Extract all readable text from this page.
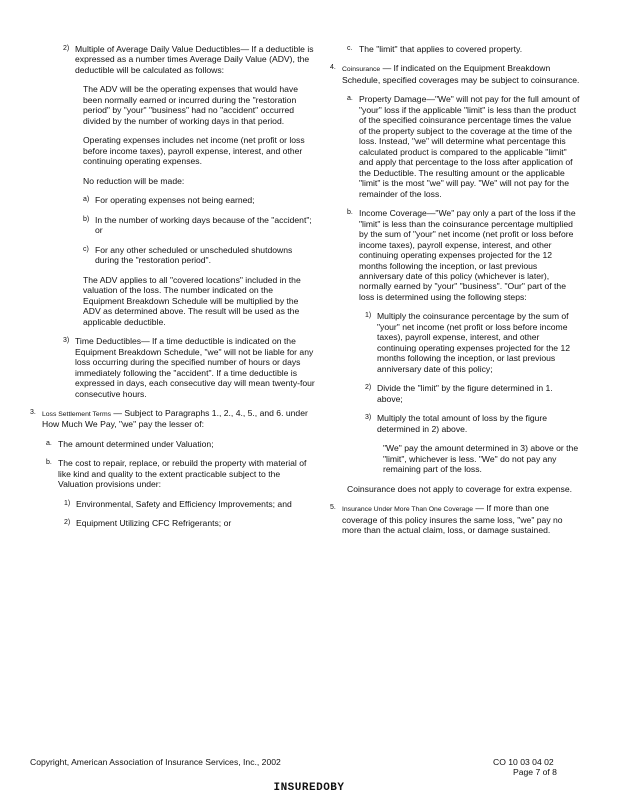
2) Multiple of Average Daily Value Deductibles— If a deductible is expressed as a number times Average Daily Value (ADV), the deductible will be calculated as follows:

The ADV will be the operating expenses that would have been normally earned or incurred during the "restoration period" by "your" "business" had no "accident" occurred divided by the number of working days in that period.

Operating expenses includes net income (net profit or loss before income taxes), payroll expense, interest, and other continuing operating expenses.

No reduction will be made:

a) For operating expenses not being earned;
b) In the number of working days because of the "accident"; or
c) For any other scheduled or unscheduled shutdowns during the "restoration period".

The ADV applies to all "covered locations" included in the valuation of the loss. The number indicated on the Equipment Breakdown Schedule will be multiplied by the ADV as determined above. The result will be used as the applicable deductible.

3) Time Deductibles— If a time deductible is indicated on the Equipment Breakdown Schedule, "we" will not be liable for any loss occurring during the specified number of hours or days immediately following the "accident". If a time deductible is expressed in days, each consecutive day will mean twenty-four consecutive hours.
3. Loss Settlement Terms — Subject to Paragraphs 1., 2., 4., 5., and 6. under How Much We Pay, "we" pay the lesser of:
a. The amount determined under Valuation;
b. The cost to repair, replace, or rebuild the property with material of like kind and quality to the extent practicable subject to the Valuation provisions under:
1) Environmental, Safety and Efficiency Improvements; and
2) Equipment Utilizing CFC Refrigerants; or
c. The "limit" that applies to covered property.
4. Coinsurance — If indicated on the Equipment Breakdown Schedule, specified coverages may be subject to coinsurance.
a. Property Damage—"We" will not pay for the full amount of "your" loss if the applicable "limit" is less than the product of the specified coinsurance percentage times the value of the property subject to the coverage at the time of the loss. Instead, "we" will determine what percentage this calculated product is compared to the applicable "limit" and apply that percentage to the loss after application of the Deductible. The resulting amount or the applicable "limit" is the most "we" will pay. "We" will not pay for the remainder of the loss.
b. Income Coverage—"We" pay only a part of the loss if the "limit" is less than the coinsurance percentage multiplied by the sum of "your" net income (net profit or loss before income taxes), payroll expense, interest, and other continuing operating expenses projected for the 12 months following the inception, or last previous anniversary date of this policy (whichever is later), normally earned by "your" "business". "Our" part of the loss is determined using the following steps:
1) Multiply the coinsurance percentage by the sum of "your" net income (net profit or loss before income taxes), payroll expense, interest, and other continuing operating expenses projected for the 12 months following the inception, or last previous anniversary date of this policy;
2) Divide the "limit" by the figure determined in 1. above;
3) Multiply the total amount of loss by the figure determined in 2) above.

"We" pay the amount determined in 3) above or the "limit", whichever is less. "We" do not pay any remaining part of the loss.

Coinsurance does not apply to coverage for extra expense.

5. Insurance Under More Than One Coverage — If more than one coverage of this policy insures the same loss, "we" pay no more than the actual claim, loss, or damage sustained.
Copyright, American Association of Insurance Services, Inc., 2002	CO 10 03 04 02
Page 7 of 8
INSUREDOBY
